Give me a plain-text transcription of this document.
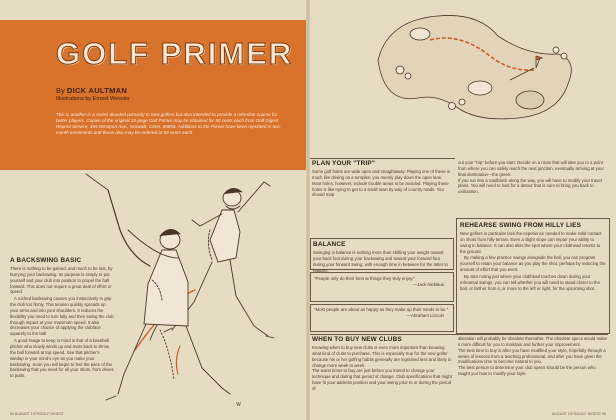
GOLF PRIMER
By DICK AULTMAN
Illustrations by Ernest Wessler
This is another in a series devoted primarily to new golfers but also intended to provide a refresher course for better players. Copies of the original 24-page Golf Primer may be obtained for 50 cents each from Golf Digest Reprint Service, 495 Westport Ave., Norwalk, Conn. 06856. Additions to the Primer have been reprinted in two-month increments and those also may be ordered at 50 cents each.
w
A BACKSWING BASIC

There is nothing to be gained, and much to be lost, by hurrying your backswing. Its purpose is simply to put yourself and your club into position to propel the ball forward. This does not require a great deal of effort or speed.

A rushed backswing causes you instinctively to grip the club too firmly. This tension quickly spreads up your arms and into your shoulders. It reduces the flexibility you need to turn fully and then swing the club through impact at your maximum speed. It also decreases your chance of applying the clubface squarely to the ball.

A good image to keep in mind is that of a baseball pitcher who slowly winds up and rears back to throw the ball forward at top speed. See that pitcher's windup in your mind's eye as you make your backswing. Soon you will begin to feel the pace of the backswing that you need for all your shots, from drives to putts.

94 AUGUST 1979/GOLF DIGEST
PLAN YOUR "TRIP"

Some golf holes are wide open and straightaway. Playing one of these is much like driving on a turnpike; you merely play down the open lane.
Most holes, however, include trouble areas to be avoided. Playing these holes is like trying to get to a small town by way of country roads. You should map

out your "trip" before you start. Decide on a route that will take you to a point from where you can safely reach the next junction, eventually arriving at your final destination—the green.
If you run into a roadblock along the way, you will have to modify your travel plans. You will need to look for a detour that is sure to bring you back to civilization.

BALANCE

Swinging in balance is nothing more than shifting your weight toward your back foot during your backswing and toward your forward foot during your forward swing, with enough time in between for the latter to happen.

"People only do their best at things they truly enjoy."
—Jack Nicklaus
"Most people are about as happy as they make up their minds to be."
—Abraham Lincoln
REHEARSE SWING FROM HILLY LIES

New golfers in particular lack the experience needed to make solid contact on shots from hilly terrain. Even a slight slope can impair your ability to swing in balance. It can also alter the spot where your clubhead returns to the ground.

By making a few practice swings alongside the ball, you can program yourself to retain your balance as you play the shot, perhaps by reducing the amount of effort that you exert.

By also noting just where your clubhead touches down during your rehearsal swings, you can tell whether you will need to stand closer to the ball, or farther from it, or more to the left or right, for the upcoming shot.

WHEN TO BUY NEW CLUBS

Knowing when to buy new clubs is even more important than knowing what kind of clubs to purchase. This is especially true for the new golfer because his or her golfing habits generally are ingrained less and likely to change more week to week.
The worst times to buy are just before you intend to change your technique and during that period of change. Club specifications that might have fit your address position and your swing prior to or during the period of

alteration will probably be obsolete thereafter. The obsolete specs would make it more difficult for you to maintain and further your improvement.
The best time to buy is after you have modified your style, hopefully through a series of lessons from a teaching professional, and after you have given the modifications time to become natural to you.
The best person to determine your club specs should be the person who taught you how to modify your style.

AUGUST 1979/GOLF DIGEST 95
